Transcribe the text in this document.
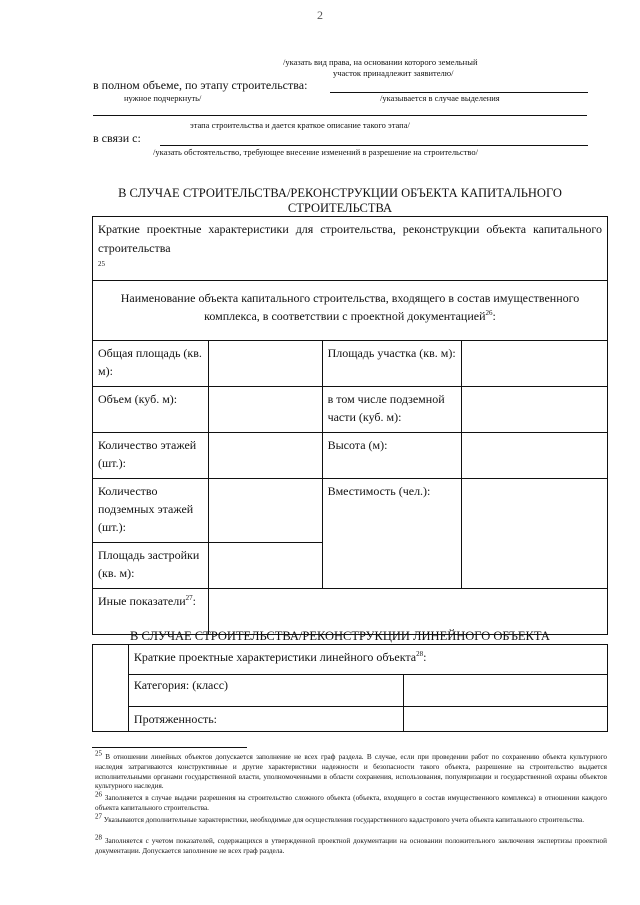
2
/указать вид права, на основании которого земельный
участок принадлежит заявителю/
в полном объеме, по этапу строительства:
нужное подчеркнуть/	/указывается в случае выделения
этапа строительства и дается краткое описание такого этапа/
в связи с:
/указать обстоятельство, требующее внесение изменений в разрешение на строительство/
В СЛУЧАЕ СТРОИТЕЛЬСТВА/РЕКОНСТРУКЦИИ ОБЪЕКТА КАПИТАЛЬНОГО СТРОИТЕЛЬСТВА
Краткие проектные характеристики для строительства, реконструкции объекта капитального строительства
$^{25}$
Наименование объекта капитального строительства, входящего в состав имущественного комплекса, в соответствии с проектной документацией$^{26}$:			
Общая площадь (кв. м):		Площадь участка (кв. м):	
Объем (куб. м):		в том числе подземной части (куб. м):	
Количество этажей (шт.):		Высота (м):	
Количество подземных этажей (шт.):		Вместимость (чел.):	
Площадь застройки (кв. м):			
Иные показатели$^{27}$:			
В СЛУЧАЕ СТРОИТЕЛЬСТВА/РЕКОНСТРУКЦИИ ЛИНЕЙНОГО ОБЪЕКТА
	Краткие проектные характеристики линейного объекта$^{28}$:	
	Категория: (класс)	
	Протяженность:	
$^{25}$ В отношении линейных объектов допускается заполнение не всех граф раздела. В случае, если при проведении работ по сохранению объекта культурного наследия затрагиваются конструктивные и другие характеристики надежности и безопасности такого объекта, разрешение на строительство выдается исполнительными органами государственной власти, уполномоченными в области сохранения, использования, популяризации и государственной охраны объектов культурного наследия.
$^{26}$ Заполняется в случае выдачи разрешения на строительство сложного объекта (объекта, входящего в состав имущественного комплекса) в отношении каждого объекта капитального строительства.
$^{27}$ Указываются дополнительные характеристики, необходимые для осуществления государственного кадастрового учета объекта капитального строительства.
$^{28}$ Заполняется с учетом показателей, содержащихся в утвержденной проектной документации на основании положительного заключения экспертизы проектной документации. Допускается заполнение не всех граф раздела.
